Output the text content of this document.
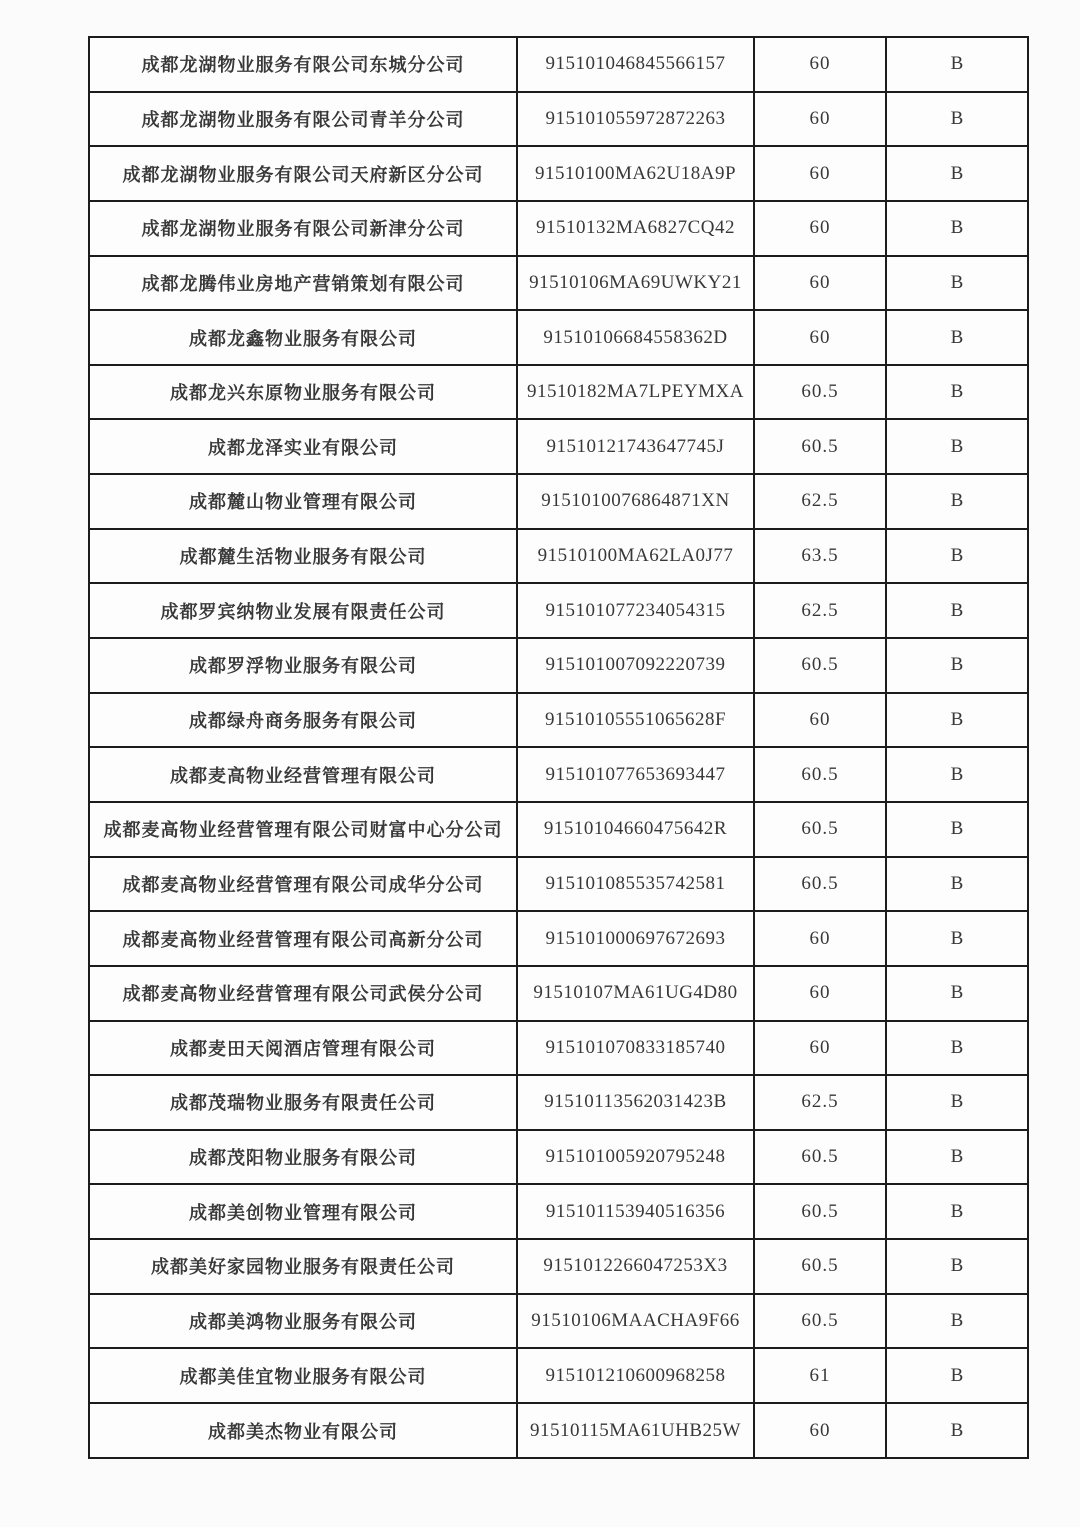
成都龙湖物业服务有限公司东城分公司	915101046845566157	60	B
成都龙湖物业服务有限公司青羊分公司	915101055972872263	60	B
成都龙湖物业服务有限公司天府新区分公司	91510100MA62U18A9P	60	B
成都龙湖物业服务有限公司新津分公司	91510132MA6827CQ42	60	B
成都龙腾伟业房地产营销策划有限公司	91510106MA69UWKY21	60	B
成都龙鑫物业服务有限公司	91510106684558362D	60	B
成都龙兴东原物业服务有限公司	91510182MA7LPEYMXA	60.5	B
成都龙泽实业有限公司	91510121743647745J	60.5	B
成都麓山物业管理有限公司	9151010076864871XN	62.5	B
成都麓生活物业服务有限公司	91510100MA62LA0J77	63.5	B
成都罗宾纳物业发展有限责任公司	915101077234054315	62.5	B
成都罗浮物业服务有限公司	915101007092220739	60.5	B
成都绿舟商务服务有限公司	91510105551065628F	60	B
成都麦高物业经营管理有限公司	915101077653693447	60.5	B
成都麦高物业经营管理有限公司财富中心分公司	91510104660475642R	60.5	B
成都麦高物业经营管理有限公司成华分公司	915101085535742581	60.5	B
成都麦高物业经营管理有限公司高新分公司	915101000697672693	60	B
成都麦高物业经营管理有限公司武侯分公司	91510107MA61UG4D80	60	B
成都麦田天阅酒店管理有限公司	915101070833185740	60	B
成都茂瑞物业服务有限责任公司	91510113562031423B	62.5	B
成都茂阳物业服务有限公司	915101005920795248	60.5	B
成都美创物业管理有限公司	915101153940516356	60.5	B
成都美好家园物业服务有限责任公司	9151012266047253X3	60.5	B
成都美鸿物业服务有限公司	91510106MAACHA9F66	60.5	B
成都美佳宜物业服务有限公司	915101210600968258	61	B
成都美杰物业有限公司	91510115MA61UHB25W	60	B
